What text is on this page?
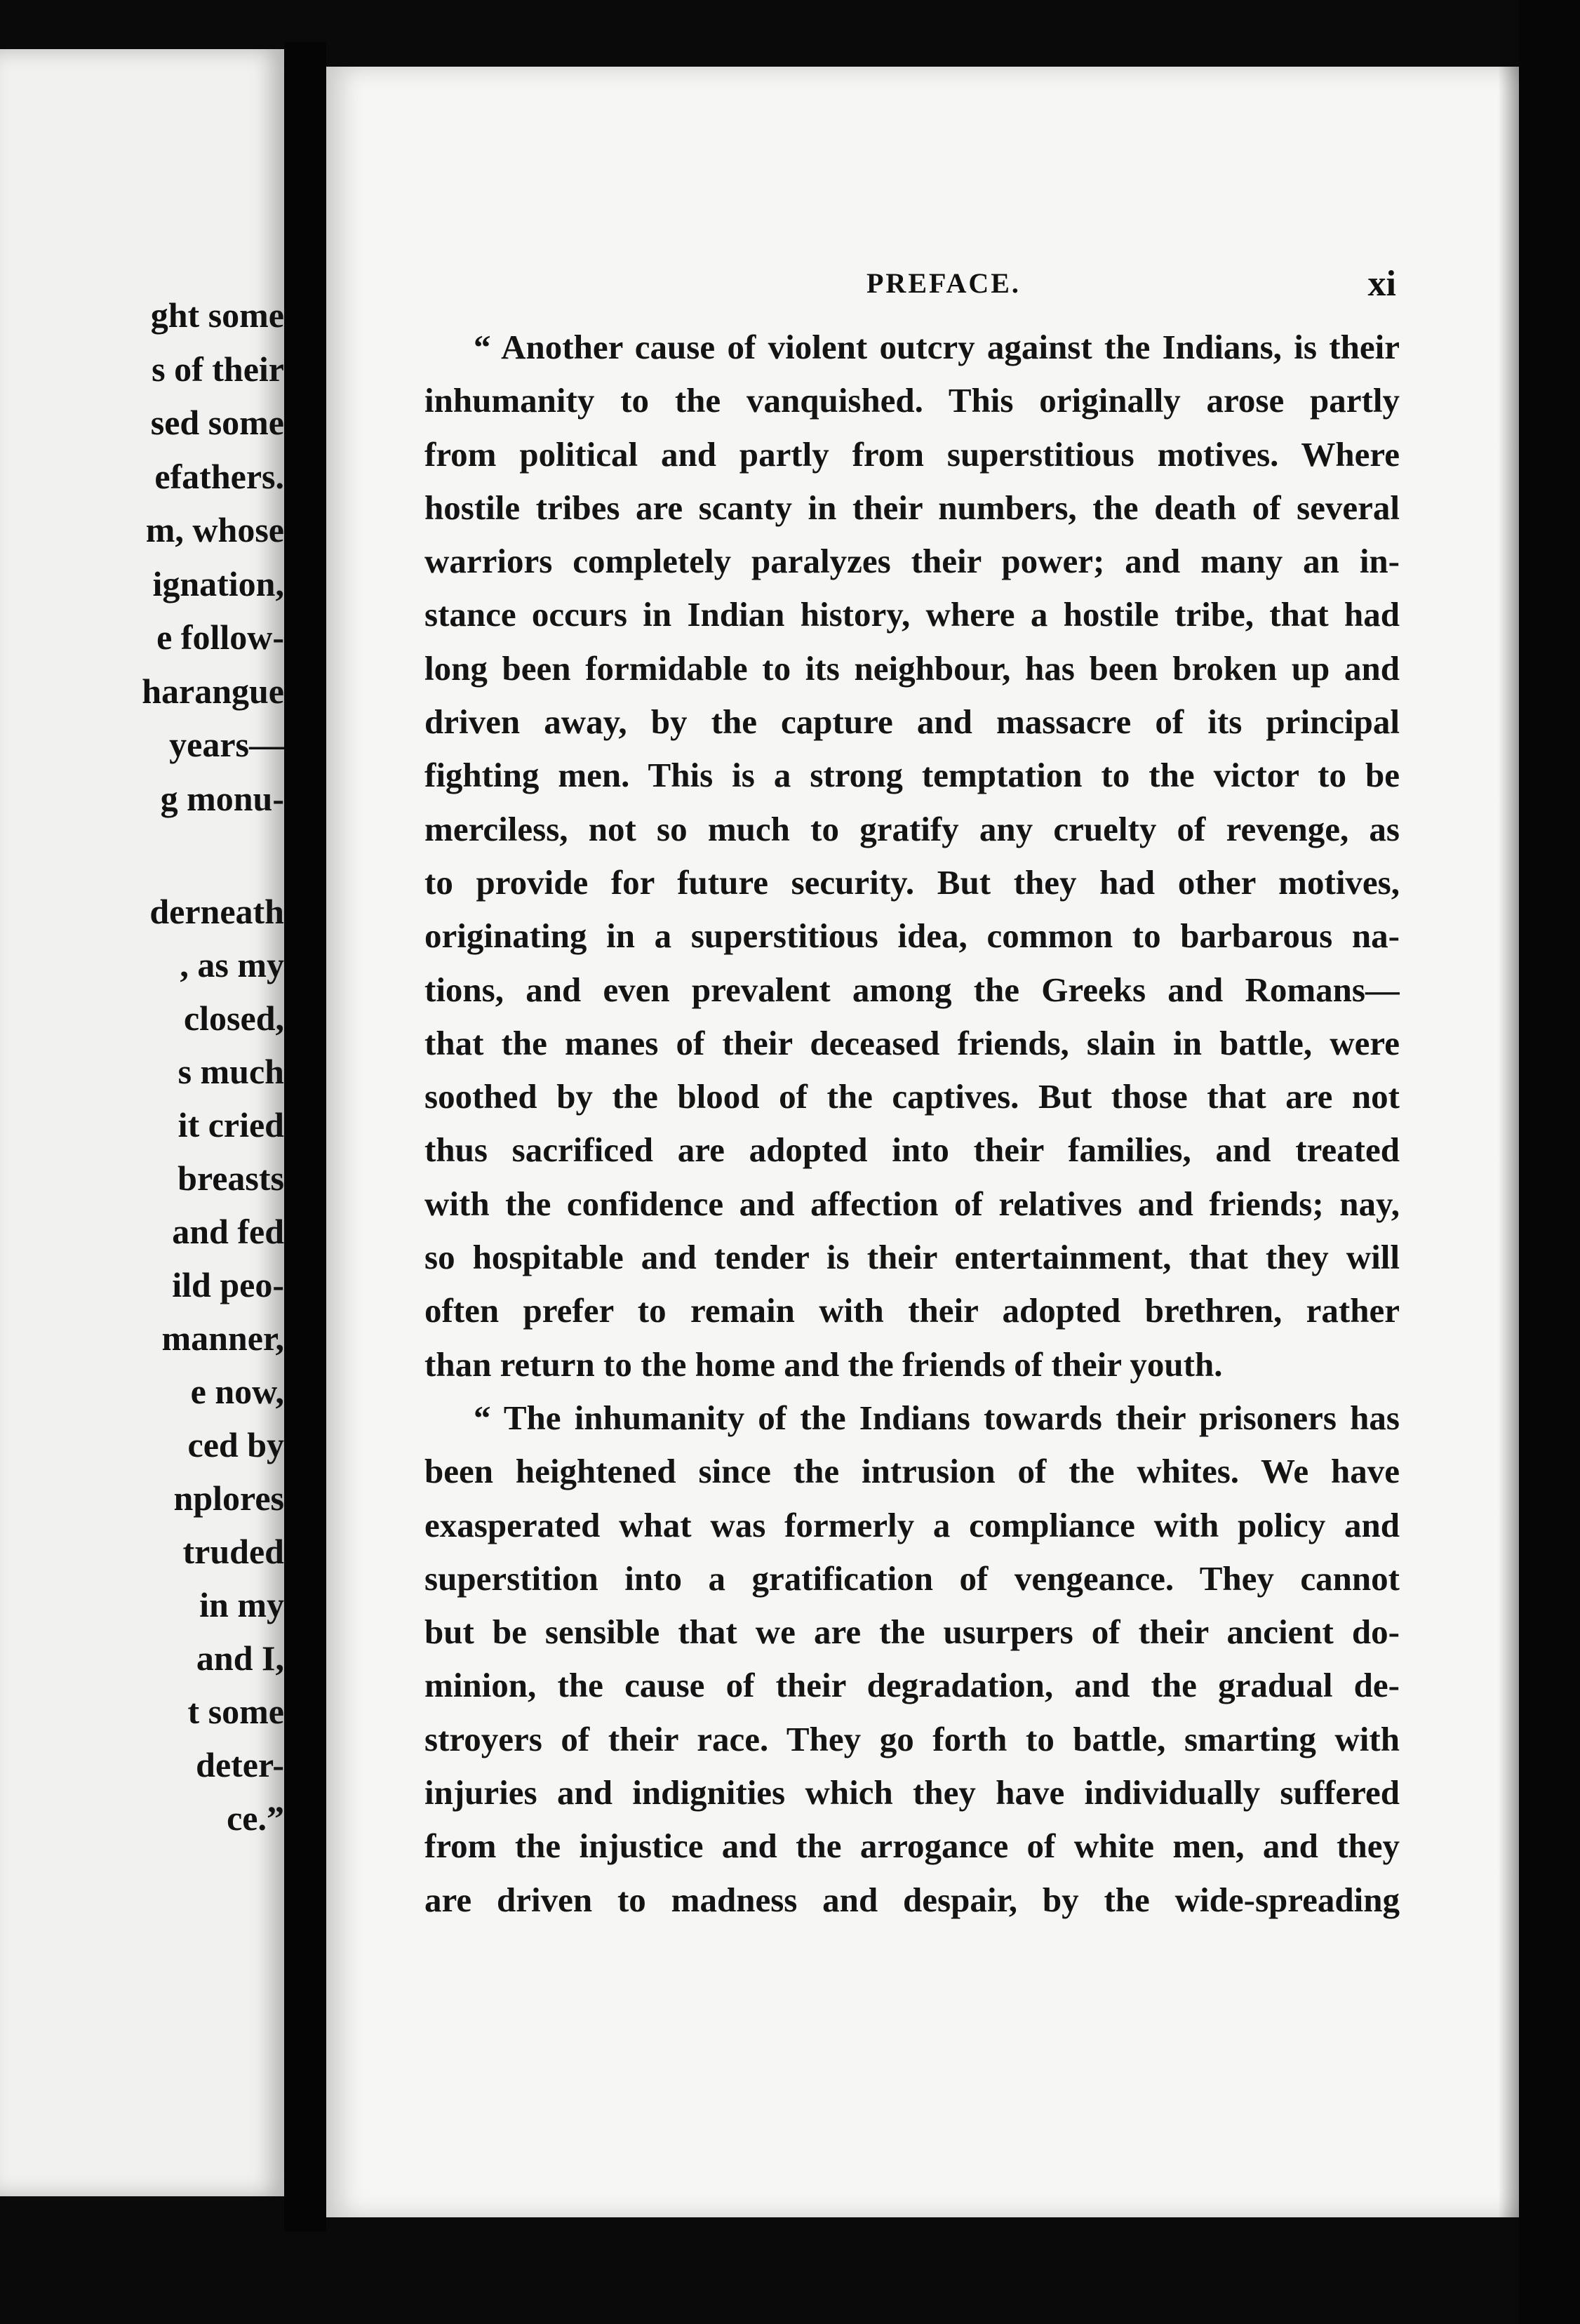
ght some
s of their
sed some
efathers.
m, whose
ignation,
e follow-
harangue
years—
g monu-
derneath
, as my
closed,
s much
it cried
breasts
and fed
ild peo-
manner,
e now,
ced by
nplores
truded
in my
and I,
t some
deter-
ce.”
PREFACE.	xi
“ Another cause of violent outcry against the Indians, is their
inhumanity to the vanquished. This originally arose partly
from political and partly from superstitious motives. Where
hostile tribes are scanty in their numbers, the death of several
warriors completely paralyzes their power; and many an in-
stance occurs in Indian history, where a hostile tribe, that had
long been formidable to its neighbour, has been broken up and
driven away, by the capture and massacre of its principal
fighting men. This is a strong temptation to the victor to be
merciless, not so much to gratify any cruelty of revenge, as
to provide for future security. But they had other motives,
originating in a superstitious idea, common to barbarous na-
tions, and even prevalent among the Greeks and Romans—
that the manes of their deceased friends, slain in battle, were
soothed by the blood of the captives. But those that are not
thus sacrificed are adopted into their families, and treated
with the confidence and affection of relatives and friends; nay,
so hospitable and tender is their entertainment, that they will
often prefer to remain with their adopted brethren, rather
than return to the home and the friends of their youth.
“ The inhumanity of the Indians towards their prisoners has
been heightened since the intrusion of the whites. We have
exasperated what was formerly a compliance with policy and
superstition into a gratification of vengeance. They cannot
but be sensible that we are the usurpers of their ancient do-
minion, the cause of their degradation, and the gradual de-
stroyers of their race. They go forth to battle, smarting with
injuries and indignities which they have individually suffered
from the injustice and the arrogance of white men, and they
are driven to madness and despair, by the wide-spreading
